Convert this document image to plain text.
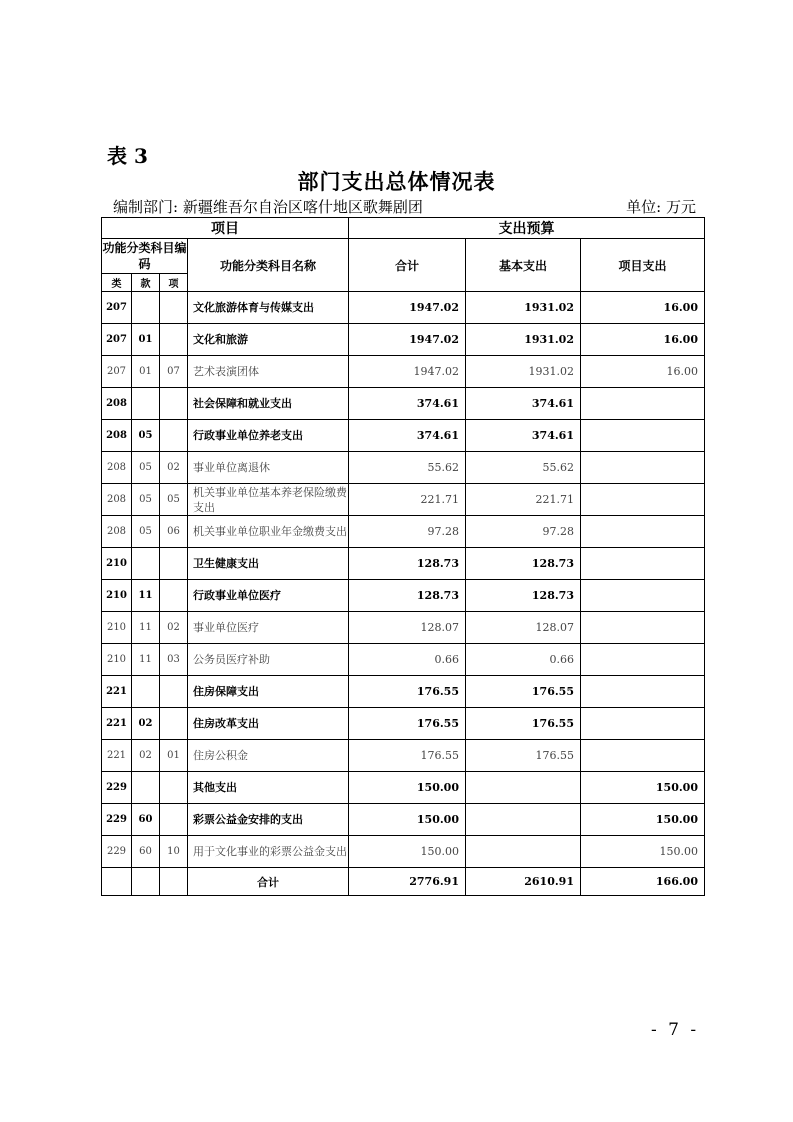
表 3
部门支出总体情况表
编制部门: 新疆维吾尔自治区喀什地区歌舞剧团	单位: 万元
项目				支出预算		
功能分类科目编码			功能分类科目名称	合计	基本支出	项目支出
类	款	项				
207			文化旅游体育与传媒支出	1947.02	1931.02	16.00
207	01		文化和旅游	1947.02	1931.02	16.00
207	01	07	艺术表演团体	1947.02	1931.02	16.00
208			社会保障和就业支出	374.61	374.61	
208	05		行政事业单位养老支出	374.61	374.61	
208	05	02	事业单位离退休	55.62	55.62	
208	05	05	机关事业单位基本养老保险缴费支出	221.71	221.71	
208	05	06	机关事业单位职业年金缴费支出	97.28	97.28	
210			卫生健康支出	128.73	128.73	
210	11		行政事业单位医疗	128.73	128.73	
210	11	02	事业单位医疗	128.07	128.07	
210	11	03	公务员医疗补助	0.66	0.66	
221			住房保障支出	176.55	176.55	
221	02		住房改革支出	176.55	176.55	
221	02	01	住房公积金	176.55	176.55	
229			其他支出	150.00		150.00
229	60		彩票公益金安排的支出	150.00		150.00
229	60	10	用于文化事业的彩票公益金支出	150.00		150.00
			合计	2776.91	2610.91	166.00
- 7 -
